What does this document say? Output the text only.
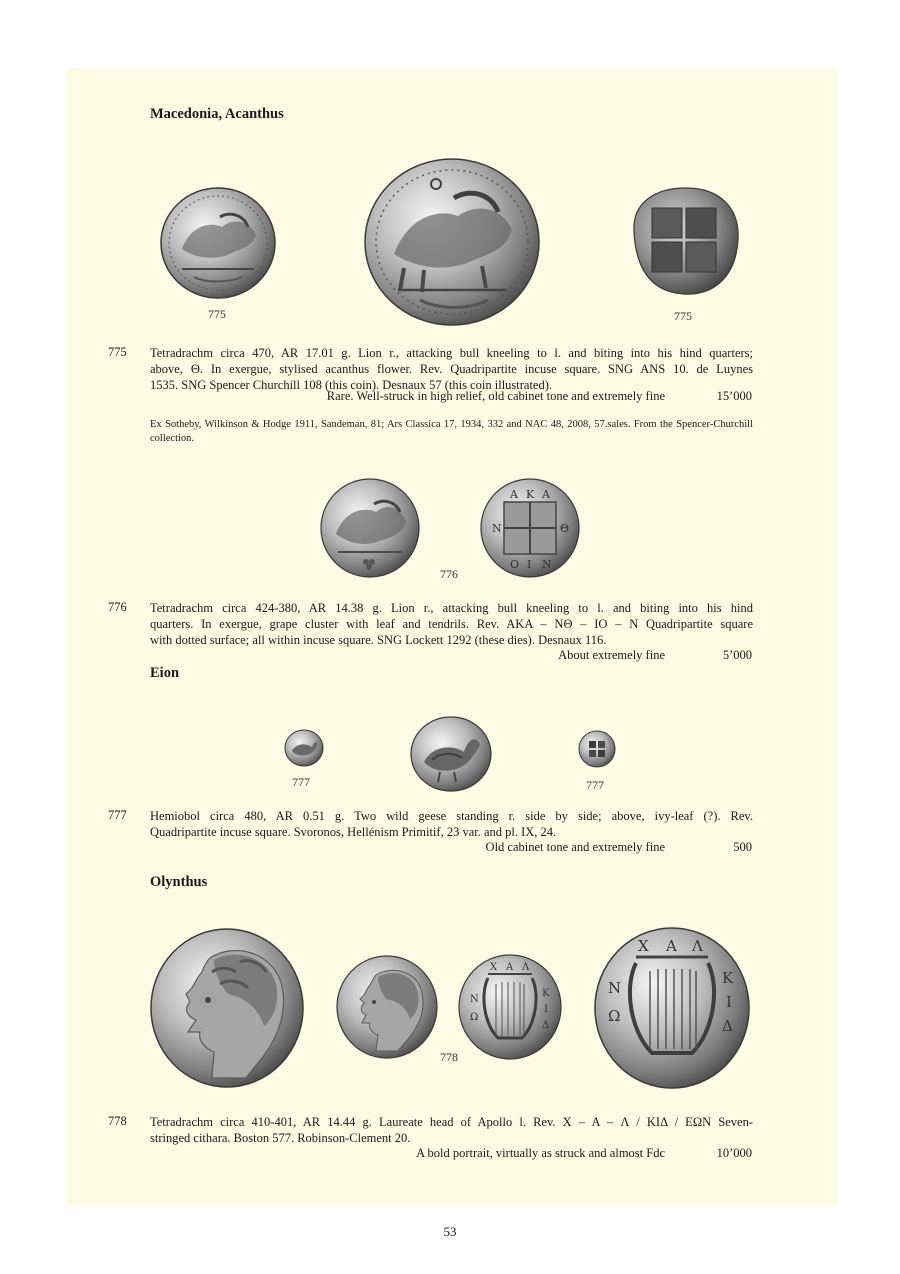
Macedonia, Acanthus
775	775
775 Tetradrachm circa 470, AR 17.01 g. Lion r., attacking bull kneeling to l. and biting into his hind quarters;
above, Θ. In exergue, stylised acanthus flower. Rev. Quadripartite incuse square. SNG ANS 10. de Luynes
1535. SNG Spencer Churchill 108 (this coin). Desnaux 57 (this coin illustrated).
Rare. Well-struck in high relief, old cabinet tone and extremely fine	15’000
Ex Sotheby, Wilkinson & Hodge 1911, Sandeman, 81; Ars Classica 17, 1934, 332 and NAC 48, 2008, 57.sales. From the Spencer-Churchill collection.
A K A
N	Θ
O I N
776
776 Tetradrachm circa 424-380, AR 14.38 g. Lion r., attacking bull kneeling to l. and biting into his hind
quarters. In exergue, grape cluster with leaf and tendrils. Rev. AKA – NΘ – IO – N Quadripartite square
with dotted surface; all within incuse square. SNG Lockett 1292 (these dies). Desnaux 116.
About extremely fine	5’000
Eion
777	777
777 Hemiobol circa 480, AR 0.51 g. Two wild geese standing r. side by side; above, ivy-leaf (?). Rev.
Quadripartite incuse square. Svoronos, Hellénism Primitif, 23 var. and pl. IX, 24.
Old cabinet tone and extremely fine	500
Olynthus
X A Λ
K
I
Δ
N
Ω
X A Λ
K
I
Δ
N
Ω
778
778 Tetradrachm circa 410-401, AR 14.44 g. Laureate head of Apollo l. Rev. X – A – Λ / KIΔ / EΩN Seven-
stringed cithara. Boston 577. Robinson-Clement 20.
A bold portrait, virtually as struck and almost Fdc	10’000
53
